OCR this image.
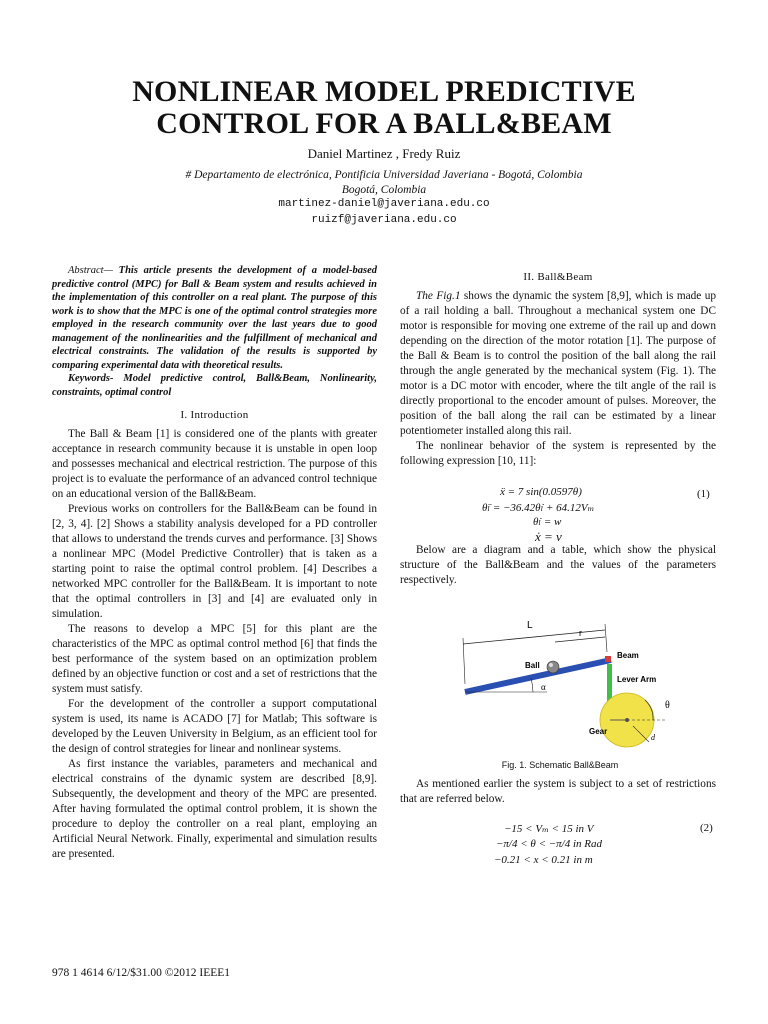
NONLINEAR MODEL PREDICTIVE
CONTROL FOR A BALL&BEAM
Daniel Martinez , Fredy Ruiz
# Departamento de electrónica, Pontificia Universidad Javeriana - Bogotá, Colombia
Bogotá, Colombia
martinez-daniel@javeriana.edu.co
ruizf@javeriana.edu.co

Abstract— This article presents the development of a model-based predictive control (MPC) for Ball & Beam system and results achieved in the implementation of this controller on a real plant. The purpose of this work is to show that the MPC is one of the optimal control strategies more employed in the research community over the last years due to good management of the nonlinearities and the fulfillment of mechanical and electrical constraints. The validation of the results is supported by comparing experimental data with theoretical results.

Keywords- Model predictive control, Ball&Beam, Nonlinearity, constraints, optimal control

I. Introduction

The Ball & Beam [1] is considered one of the plants with greater acceptance in research community because it is unstable in open loop and possesses mechanical and electrical restriction. The purpose of this project is to evaluate the performance of an advanced control technique on an educational version of the Ball&Beam.

Previous works on controllers for the Ball&Beam can be found in [2, 3, 4]. [2] Shows a stability analysis developed for a PD controller that allows to understand the trends curves and performance. [3] Shows a nonlinear MPC (Model Predictive Controller) that is taken as a starting point to raise the optimal control problem. [4] Describes a networked MPC controller for the Ball&Beam. It is important to note that the optimal controllers in [3] and [4] are evaluated only in simulation.

The reasons to develop a MPC [5] for this plant are the characteristics of the MPC as optimal control method [6] that finds the best performance of the system based on an optimization problem defined by an objective function or cost and a set of restrictions that the system must satisfy.

For the development of the controller a support computational system is used, its name is ACADO [7] for Matlab; This software is developed by the Leuven University in Belgium, as an efficient tool for the design of control strategies for linear and nonlinear systems.

As first instance the variables, parameters and mechanical and electrical constrains of the dynamic system are described [8,9]. Subsequently, the development and theory of the MPC are presented. After having formulated the optimal control problem, it is shown the procedure to deploy the controller on a real plant, employing an Artificial Neural Network. Finally, experimental and simulation results are presented.

II. Ball&Beam

The Fig.1 shows the dynamic the system [8,9], which is made up of a rail holding a ball. Throughout a mechanical system one DC motor is responsible for moving one extreme of the rail up and down depending on the direction of the motor rotation [1]. The purpose of the Ball & Beam is to control the position of the ball along the rail through the angle generated by the mechanical system (Fig. 1). The motor is a DC motor with encoder, where the tilt angle of the rail is directly proportional to the encoder amount of pulses. Moreover, the position of the ball along the rail can be estimated by a linear potentiometer installed along this rail.

The nonlinear behavior of the system is represented by the following expression [10, 11]:

ẍ = 7 sin(0.0597θ)
θ̈ₗ = −36.42θ̇ₗ + 64.12Vₘ
θ̇ₗ = w
ẋ = v
(1)

Below are a diagram and a table, which show the physical structure of the Ball&Beam and the values of the parameters respectively.

L
r
Ball
Beam
α
Lever Arm
θ
Gear
d
Fig. 1. Schematic Ball&Beam

As mentioned earlier the system is subject to a set of restrictions that are referred below.

−15 < Vₘ < 15 in V
−π/4 < θ < −π/4 in Rad
−0.21 < x < 0.21 in m
(2)
978 1 4614 6/12/$31.00 ©2012 IEEE1
